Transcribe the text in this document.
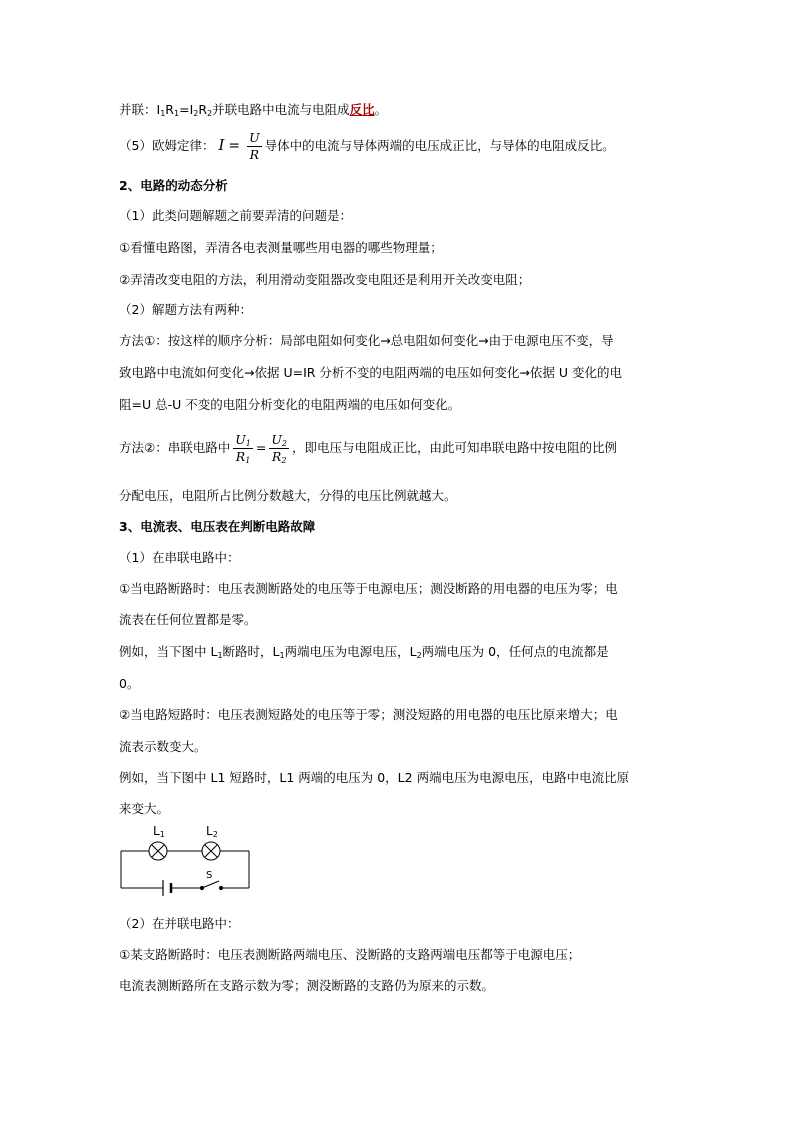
并联：$I_1R_1=I_2R_2$并联电路中电流与电阻成反比。
（5）欧姆定律： $I = \frac{U}{R}$ 导体中的电流与导体两端的电压成正比，与导体的电阻成反比。
2、电路的动态分析
（1）此类问题解题之前要弄清的问题是：
①看懂电路图，弄清各电表测量哪些用电器的哪些物理量；
②弄清改变电阻的方法，利用滑动变阻器改变电阻还是利用开关改变电阻；
（2）解题方法有两种：
方法①：按这样的顺序分析：局部电阻如何变化→总电阻如何变化→由于电源电压不变，导
致电路中电流如何变化→依据 U=IR 分析不变的电阻两端的电压如何变化→依据 U 变化的电
阻=U 总-U 不变的电阻分析变化的电阻两端的电压如何变化。
方法②：串联电路中 $\frac{U_1}{R_1} = \frac{U_2}{R_2}$ ，即电压与电阻成正比，由此可知串联电路中按电阻的比例
分配电压，电阻所占比例分数越大，分得的电压比例就越大。
3、电流表、电压表在判断电路故障
（1）在串联电路中：
①当电路断路时：电压表测断路处的电压等于电源电压；测没断路的用电器的电压为零；电
流表在任何位置都是零。
例如，当下图中 $L_1$断路时，$L_1$两端电压为电源电压，$L_2$两端电压为 0，任何点的电流都是
0。
②当电路短路时：电压表测短路处的电压等于零；测没短路的用电器的电压比原来增大；电
流表示数变大。
例如，当下图中 L1 短路时，L1 两端的电压为 0，L2 两端电压为电源电压，电路中电流比原
来变大。
L1	L2
S
（2）在并联电路中：
①某支路断路时：电压表测断路两端电压、没断路的支路两端电压都等于电源电压；
电流表测断路所在支路示数为零；测没断路的支路仍为原来的示数。
